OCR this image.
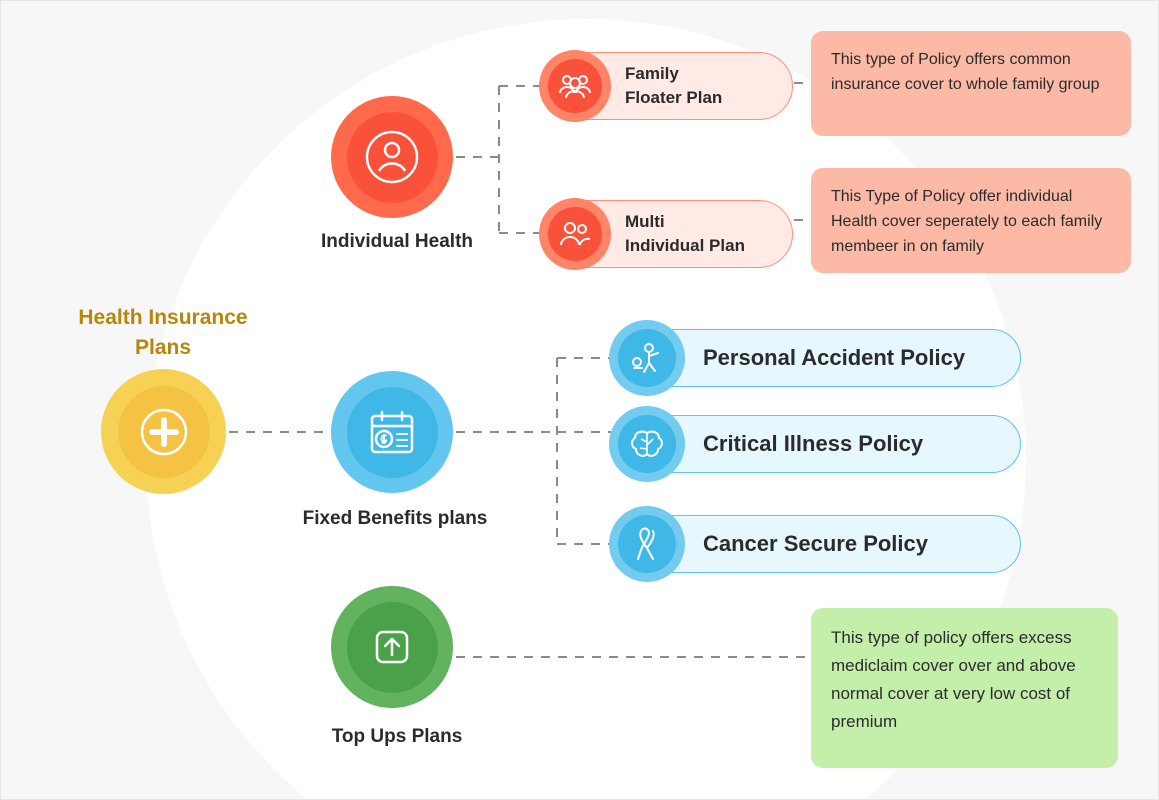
Health Insurance
Plans
Individual Health
Family
Floater Plan
This type of Policy offers common insurance cover to whole family group
Multi
Individual Plan
This Type of Policy offer individual Health cover seperately to each family membeer in on family
Fixed Benefits plans
Personal Accident Policy
Critical Illness Policy
Cancer Secure Policy
Top Ups Plans
This type of policy offers excess mediclaim cover over and above normal cover at very low cost of premium
